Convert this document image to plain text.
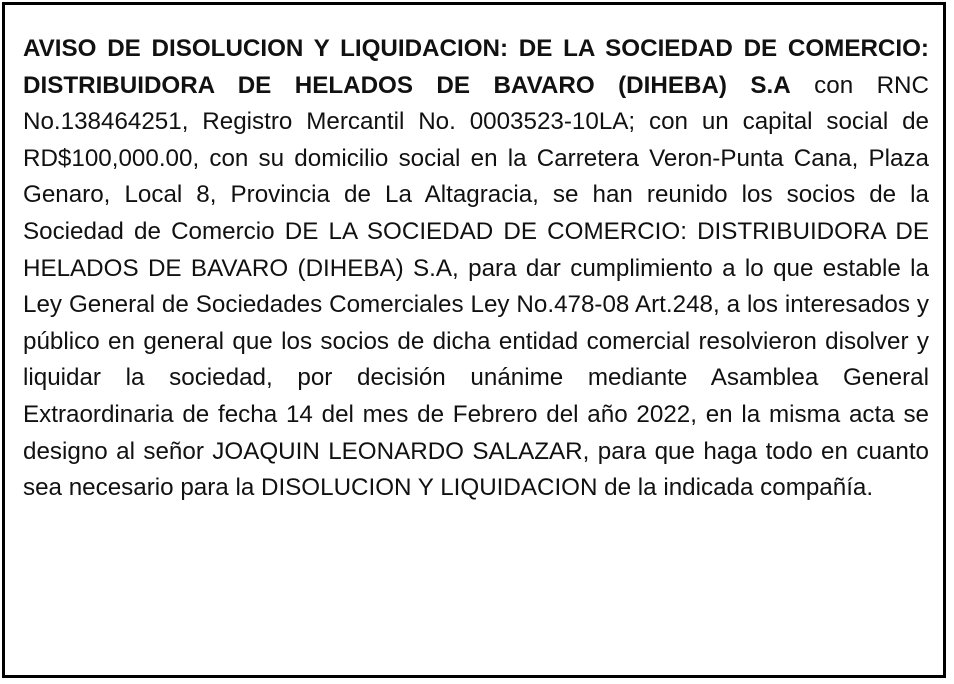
AVISO DE DISOLUCION Y LIQUIDACION: DE LA SOCIEDAD DE COMERCIO: DISTRIBUIDORA DE HELADOS DE BAVARO (DIHEBA) S.A con RNC No.138464251, Registro Mercantil No. 0003523-10LA; con un capital social de RD$100,000.00, con su domicilio social en la Carretera Veron-Punta Cana, Plaza Genaro, Local 8, Provincia de La Altagracia, se han reunido los socios de la Sociedad de Comercio DE LA SOCIEDAD DE COMERCIO: DISTRIBUIDORA DE HELADOS DE BAVARO (DIHEBA) S.A, para dar cumplimiento a lo que estable la Ley General de Sociedades Comerciales Ley No.478-08 Art.248, a los interesados y público en general que los socios de dicha entidad comercial resolvieron disolver y liquidar la sociedad, por decisión unánime mediante Asamblea General Extraordinaria de fecha 14 del mes de Febrero del año 2022, en la misma acta se designo al señor JOAQUIN LEONARDO SALAZAR, para que haga todo en cuanto sea necesario para la DISOLUCION Y LIQUIDACION de la indicada compañía.
